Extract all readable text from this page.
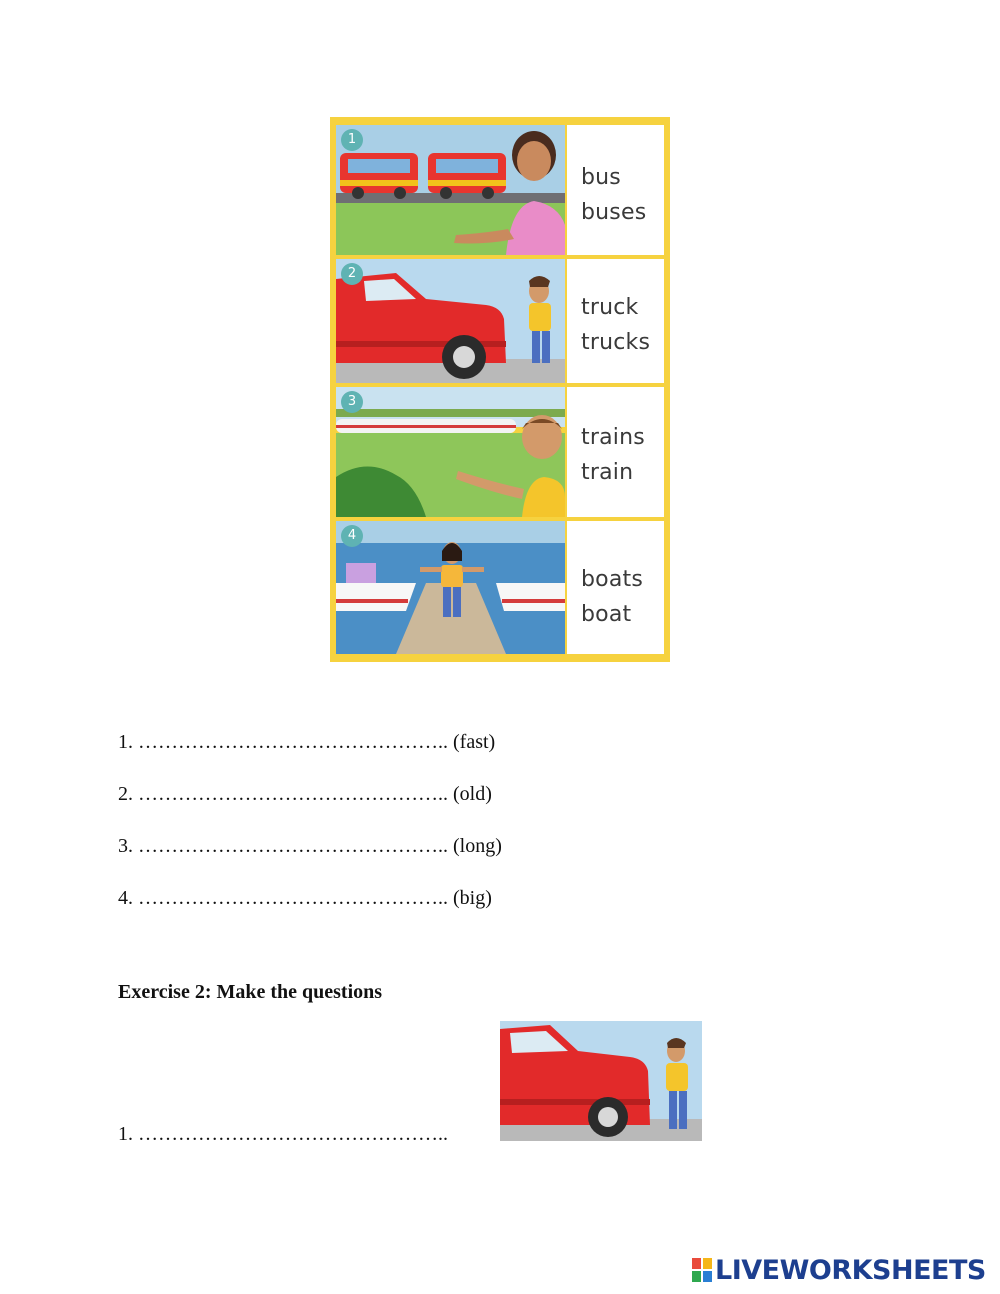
1
bus
buses
2
truck
trucks
3
trains
train
4
boats
boat
1. ……………………………………….. (fast)
2. ……………………………………….. (old)
3. ……………………………………….. (long)
4. ……………………………………….. (big)
Exercise 2: Make the questions
1. ………………………………………..
LIVEWORKSHEETS
